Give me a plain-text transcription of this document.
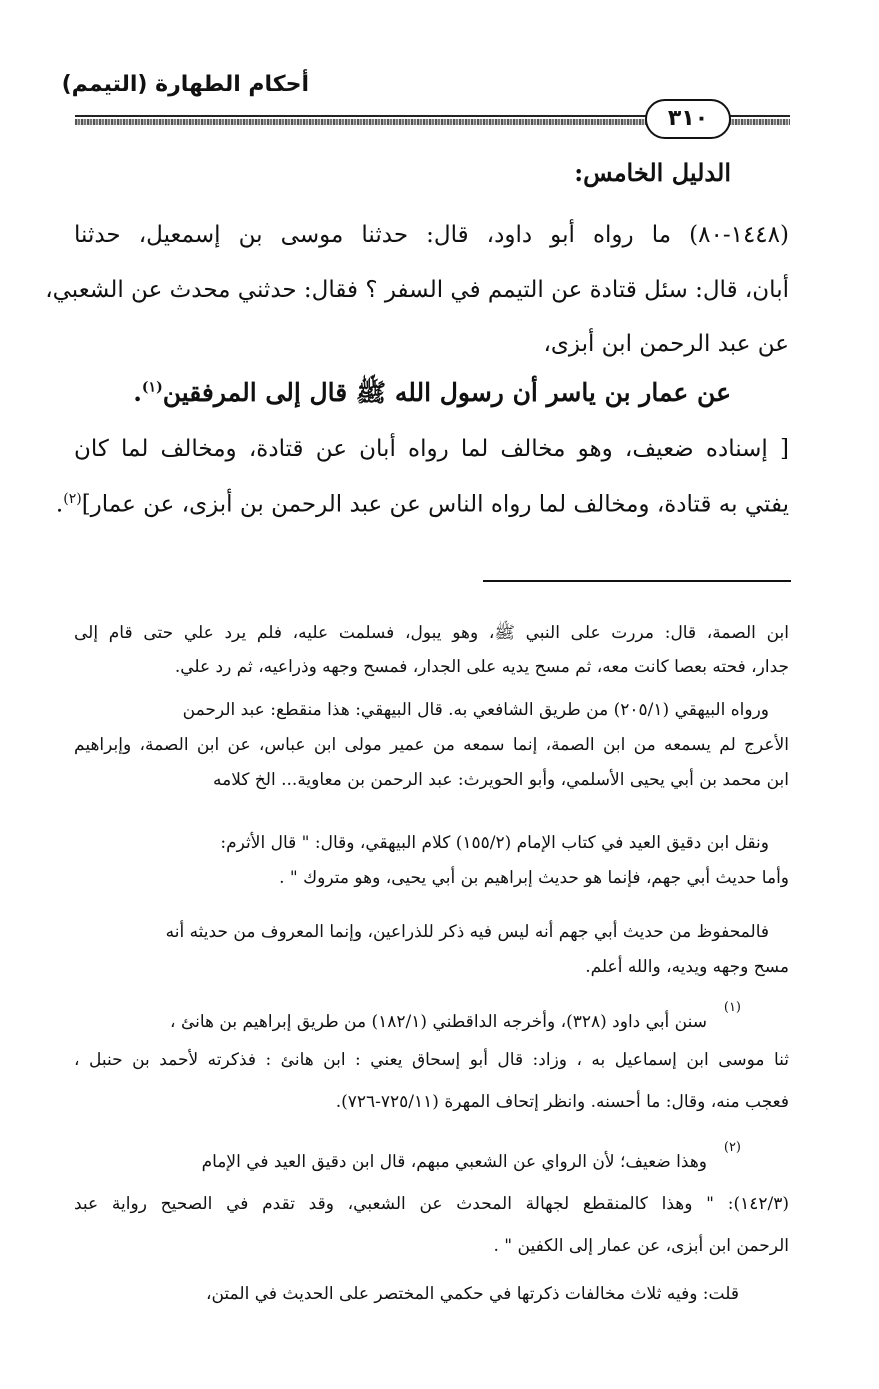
أحكام الطهارة (التيمم)
٣١٠
الدليل الخامس:
(١٤٤٨-٨٠) ما رواه أبو داود، قال: حدثنا موسى بن إسمعيل، حدثنا
أبان، قال: سئل قتادة عن التيمم في السفر ؟ فقال: حدثني محدث عن الشعبي،
عن عبد الرحمن ابن أبزى،
عن عمار بن ياسر أن رسول الله ﷺ قال إلى المرفقين$^{(١)}$.
[ إسناده ضعيف، وهو مخالف لما رواه أبان عن قتادة، ومخالف لما كان
يفتي به قتادة، ومخالف لما رواه الناس عن عبد الرحمن بن أبزى، عن عمار]$^{(٢)}$.
ابن الصمة، قال: مررت على النبي ﷺ، وهو يبول، فسلمت عليه، فلم يرد علي حتى قام إلى
جدار، فحته بعصا كانت معه، ثم مسح يديه على الجدار، فمسح وجهه وذراعيه، ثم رد علي.
ورواه البيهقي (٢٠٥/١) من طريق الشافعي به. قال البيهقي: هذا منقطع: عبد الرحمن
الأعرج لم يسمعه من ابن الصمة، إنما سمعه من عمير مولى ابن عباس، عن ابن الصمة، وإبراهيم
ابن محمد بن أبي يحيى الأسلمي، وأبو الحويرث: عبد الرحمن بن معاوية... الخ كلامه
ونقل ابن دقيق العيد في كتاب الإمام (١٥٥/٢) كلام البيهقي، وقال: " قال الأثرم:
وأما حديث أبي جهم، فإنما هو حديث إبراهيم بن أبي يحيى، وهو متروك " .
فالمحفوظ من حديث أبي جهم أنه ليس فيه ذكر للذراعين، وإنما المعروف من حديثه أنه
مسح وجهه ويديه، والله أعلم.
(١)
سنن أبي داود (٣٢٨)، وأخرجه الداقطني (١٨٢/١) من طريق إبراهيم بن هانئ ،
ثنا موسى ابن إسماعيل به ، وزاد: قال أبو إسحاق يعني : ابن هانئ : فذكرته لأحمد بن حنبل ،
فعجب منه، وقال: ما أحسنه. وانظر إتحاف المهرة (٧٢٥/١١-٧٢٦).
(٢)
وهذا ضعيف؛ لأن الرواي عن الشعبي مبهم، قال ابن دقيق العيد في الإمام
(١٤٢/٣): " وهذا كالمنقطع لجهالة المحدث عن الشعبي، وقد تقدم في الصحيح رواية عبد
الرحمن ابن أبزى، عن عمار إلى الكفين " .
قلت: وفيه ثلاث مخالفات ذكرتها في حكمي المختصر على الحديث في المتن،
